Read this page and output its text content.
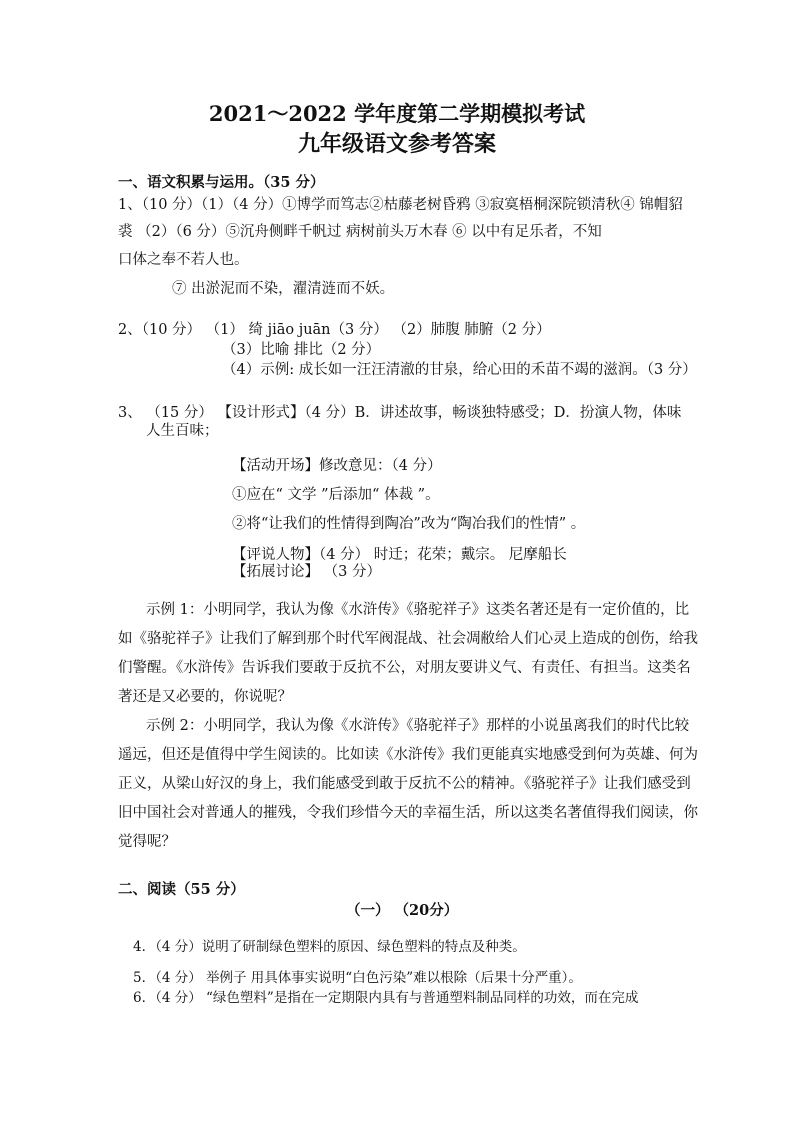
2021～2022 学年度第二学期模拟考试
九年级语文参考答案
一、语文积累与运用。（35 分）
1、（10 分）（1）（4 分）①博学而笃志②枯藤老树昏鸦 ③寂寞梧桐深院锁清秋④ 锦帽貂
裘 （2）（6 分）⑤沉舟侧畔千帆过 病树前头万木春 ⑥ 以中有足乐者，不知
口体之奉不若人也。
⑦ 出淤泥而不染，濯清涟而不妖。
2、（10 分） （1） 绮 jiāo juān（3 分） （2）肺腹 肺腑（2 分）
（3）比喻 排比（2 分）
（4）示例: 成长如一汪汪清澈的甘泉，给心田的禾苗不竭的滋润。（3 分）
3、 （15 分） 【设计形式】（4 分）B．讲述故事，畅谈独特感受；D．扮演人物，体味
人生百味；
【活动开场】修改意见：（4 分）
①应在“ 文学 ”后添加“ 体裁 ”。
②将“让我们的性情得到陶冶”改为“陶冶我们的性情” 。
【评说人物】（4 分） 时迁；花荣；戴宗。 尼摩船长
【拓展讨论】 （3 分）
示例 1：小明同学，我认为像《水浒传》《骆驼祥子》这类名著还是有一定价值的，比
如《骆驼祥子》让我们了解到那个时代军阀混战、社会凋敝给人们心灵上造成的创伤，给我
们警醒。《水浒传》告诉我们要敢于反抗不公，对朋友要讲义气、有责任、有担当。这类名
著还是又必要的，你说呢？
示例 2：小明同学，我认为像《水浒传》《骆驼祥子》那样的小说虽离我们的时代比较
遥远，但还是值得中学生阅读的。比如读《水浒传》我们更能真实地感受到何为英雄、何为
正义，从梁山好汉的身上，我们能感受到敢于反抗不公的精神。《骆驼祥子》让我们感受到
旧中国社会对普通人的摧残，令我们珍惜今天的幸福生活，所以这类名著值得我们阅读，你
觉得呢？
二、阅读（55 分）
（一） （20分）
4．（4 分）说明了研制绿色塑料的原因、绿色塑料的特点及种类。
5．（4 分） 举例子 用具体事实说明“白色污染”难以根除（后果十分严重）。
6．（4 分） “绿色塑料”是指在一定期限内具有与普通塑料制品同样的功效，而在完成
